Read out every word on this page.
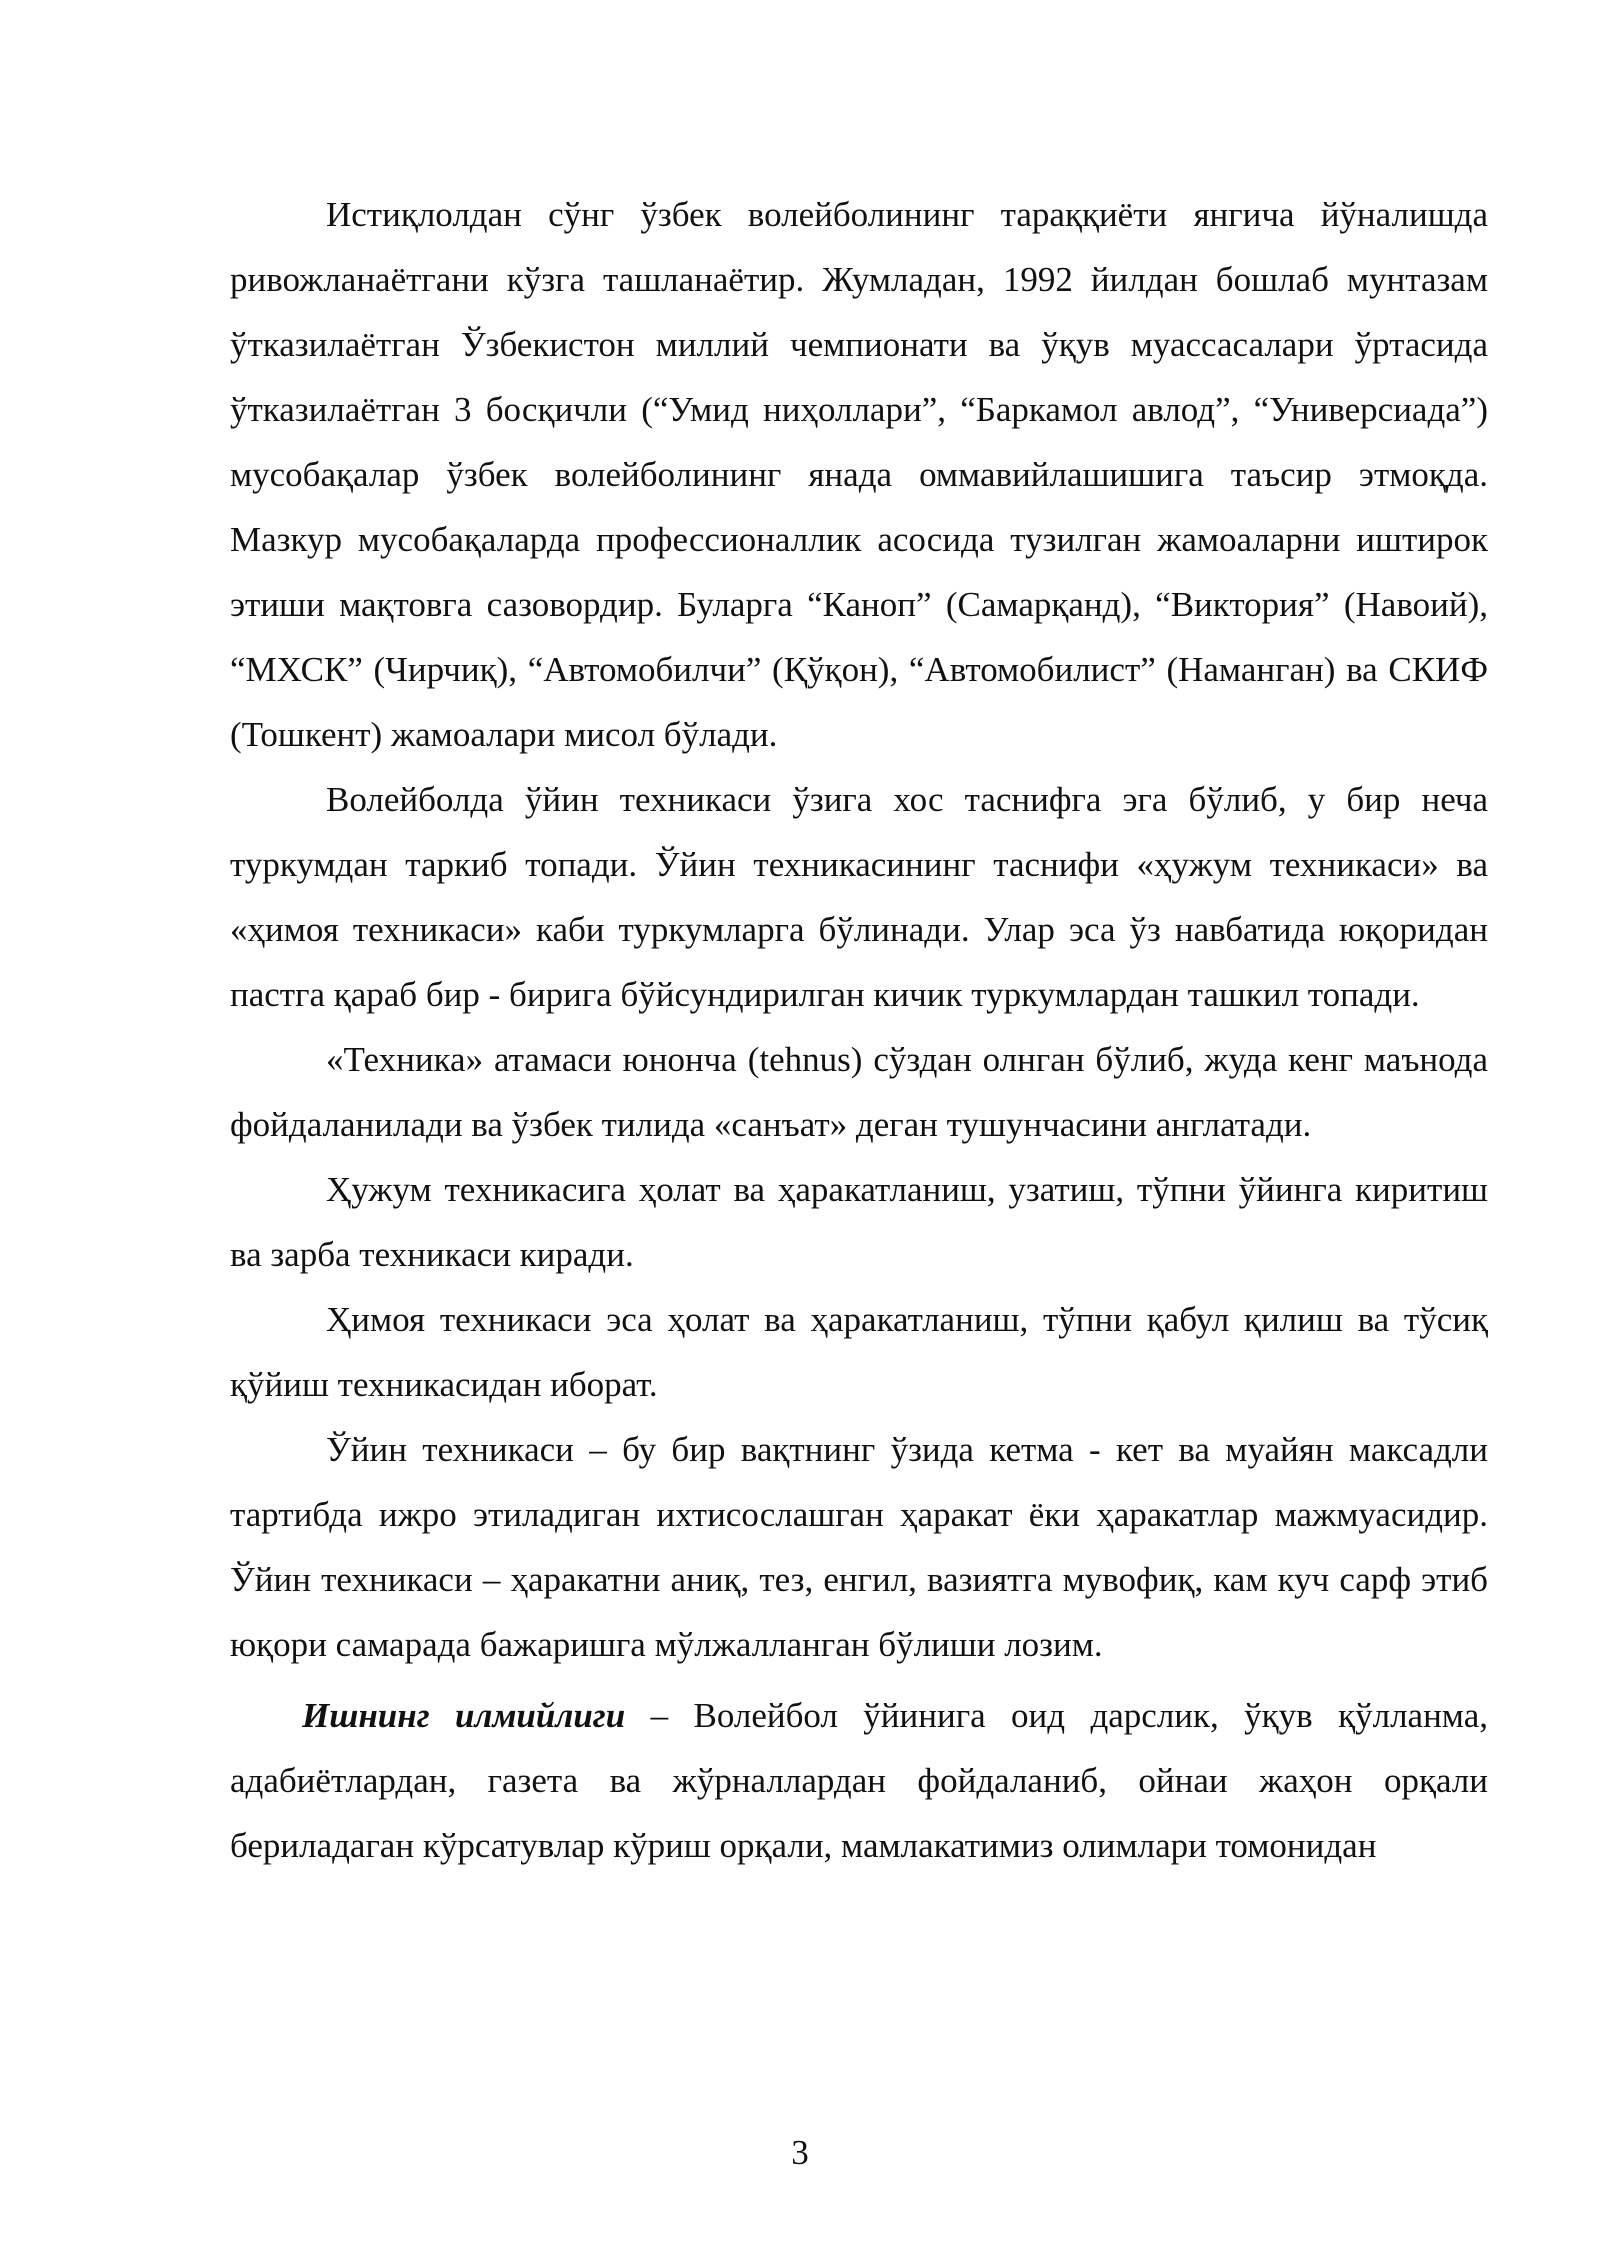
Истиқлолдан сўнг ўзбек волейболининг тараққиёти янгича йўналишда ривожланаётгани кўзга ташланаётир. Жумладан, 1992 йилдан бошлаб мунтазам ўтказилаётган Ўзбекистон миллий чемпионати ва ўқув муассасалари ўртасида ўтказилаётган 3 босқичли (“Умид ниҳоллари”, “Баркамол авлод”, “Универсиада”) мусобақалар ўзбек волейболининг янада оммавийлашишига таъсир этмоқда. Мазкур мусобақаларда профессионаллик асосида тузилган жамоаларни иштирок этиши мақтовга сазовордир. Буларга “Каноп” (Самарқанд), “Виктория” (Навоий), “МХСК” (Чирчиқ), “Автомобилчи” (Қўқон), “Автомобилист” (Наманган) ва СКИФ (Тошкент) жамоалари мисол бўлади.

Волейболда ўйин техникаси ўзига хос таснифга эга бўлиб, у бир неча туркумдан таркиб топади. Ўйин техникасининг таснифи «ҳужум техникаси» ва «ҳимоя техникаси» каби туркумларга бўлинади. Улар эса ўз навбатида юқоридан пастга қараб бир - бирига бўйсундирилган кичик туркумлардан ташкил топади.

«Техника» атамаси юнонча (tehnus) сўздан олнган бўлиб, жуда кенг маънода фойдаланилади ва ўзбек тилида «санъат» деган тушунчасини англатади.

Ҳужум техникасига ҳолат ва ҳаракатланиш, узатиш, тўпни ўйинга киритиш ва зарба техникаси киради.

Ҳимоя техникаси эса ҳолат ва ҳаракатланиш, тўпни қабул қилиш ва тўсиқ қўйиш техникасидан иборат.

Ўйин техникаси – бу бир вақтнинг ўзида кетма - кет ва муайян максадли тартибда ижро этиладиган ихтисослашган ҳаракат ёки ҳаракатлар мажмуасидир. Ўйин техникаси – ҳаракатни аниқ, тез, енгил, вазиятга мувофиқ, кам куч сарф этиб юқори самарада бажаришга мўлжалланган бўлиши лозим.

Ишнинг илмийлиги – Волейбол ўйинига оид дарслик, ўқув қўлланма, адабиётлардан, газета ва жўрналлардан фойдаланиб, ойнаи жаҳон орқали бериладаган кўрсатувлар кўриш орқали, мамлакатимиз олимлари томонидан

3
